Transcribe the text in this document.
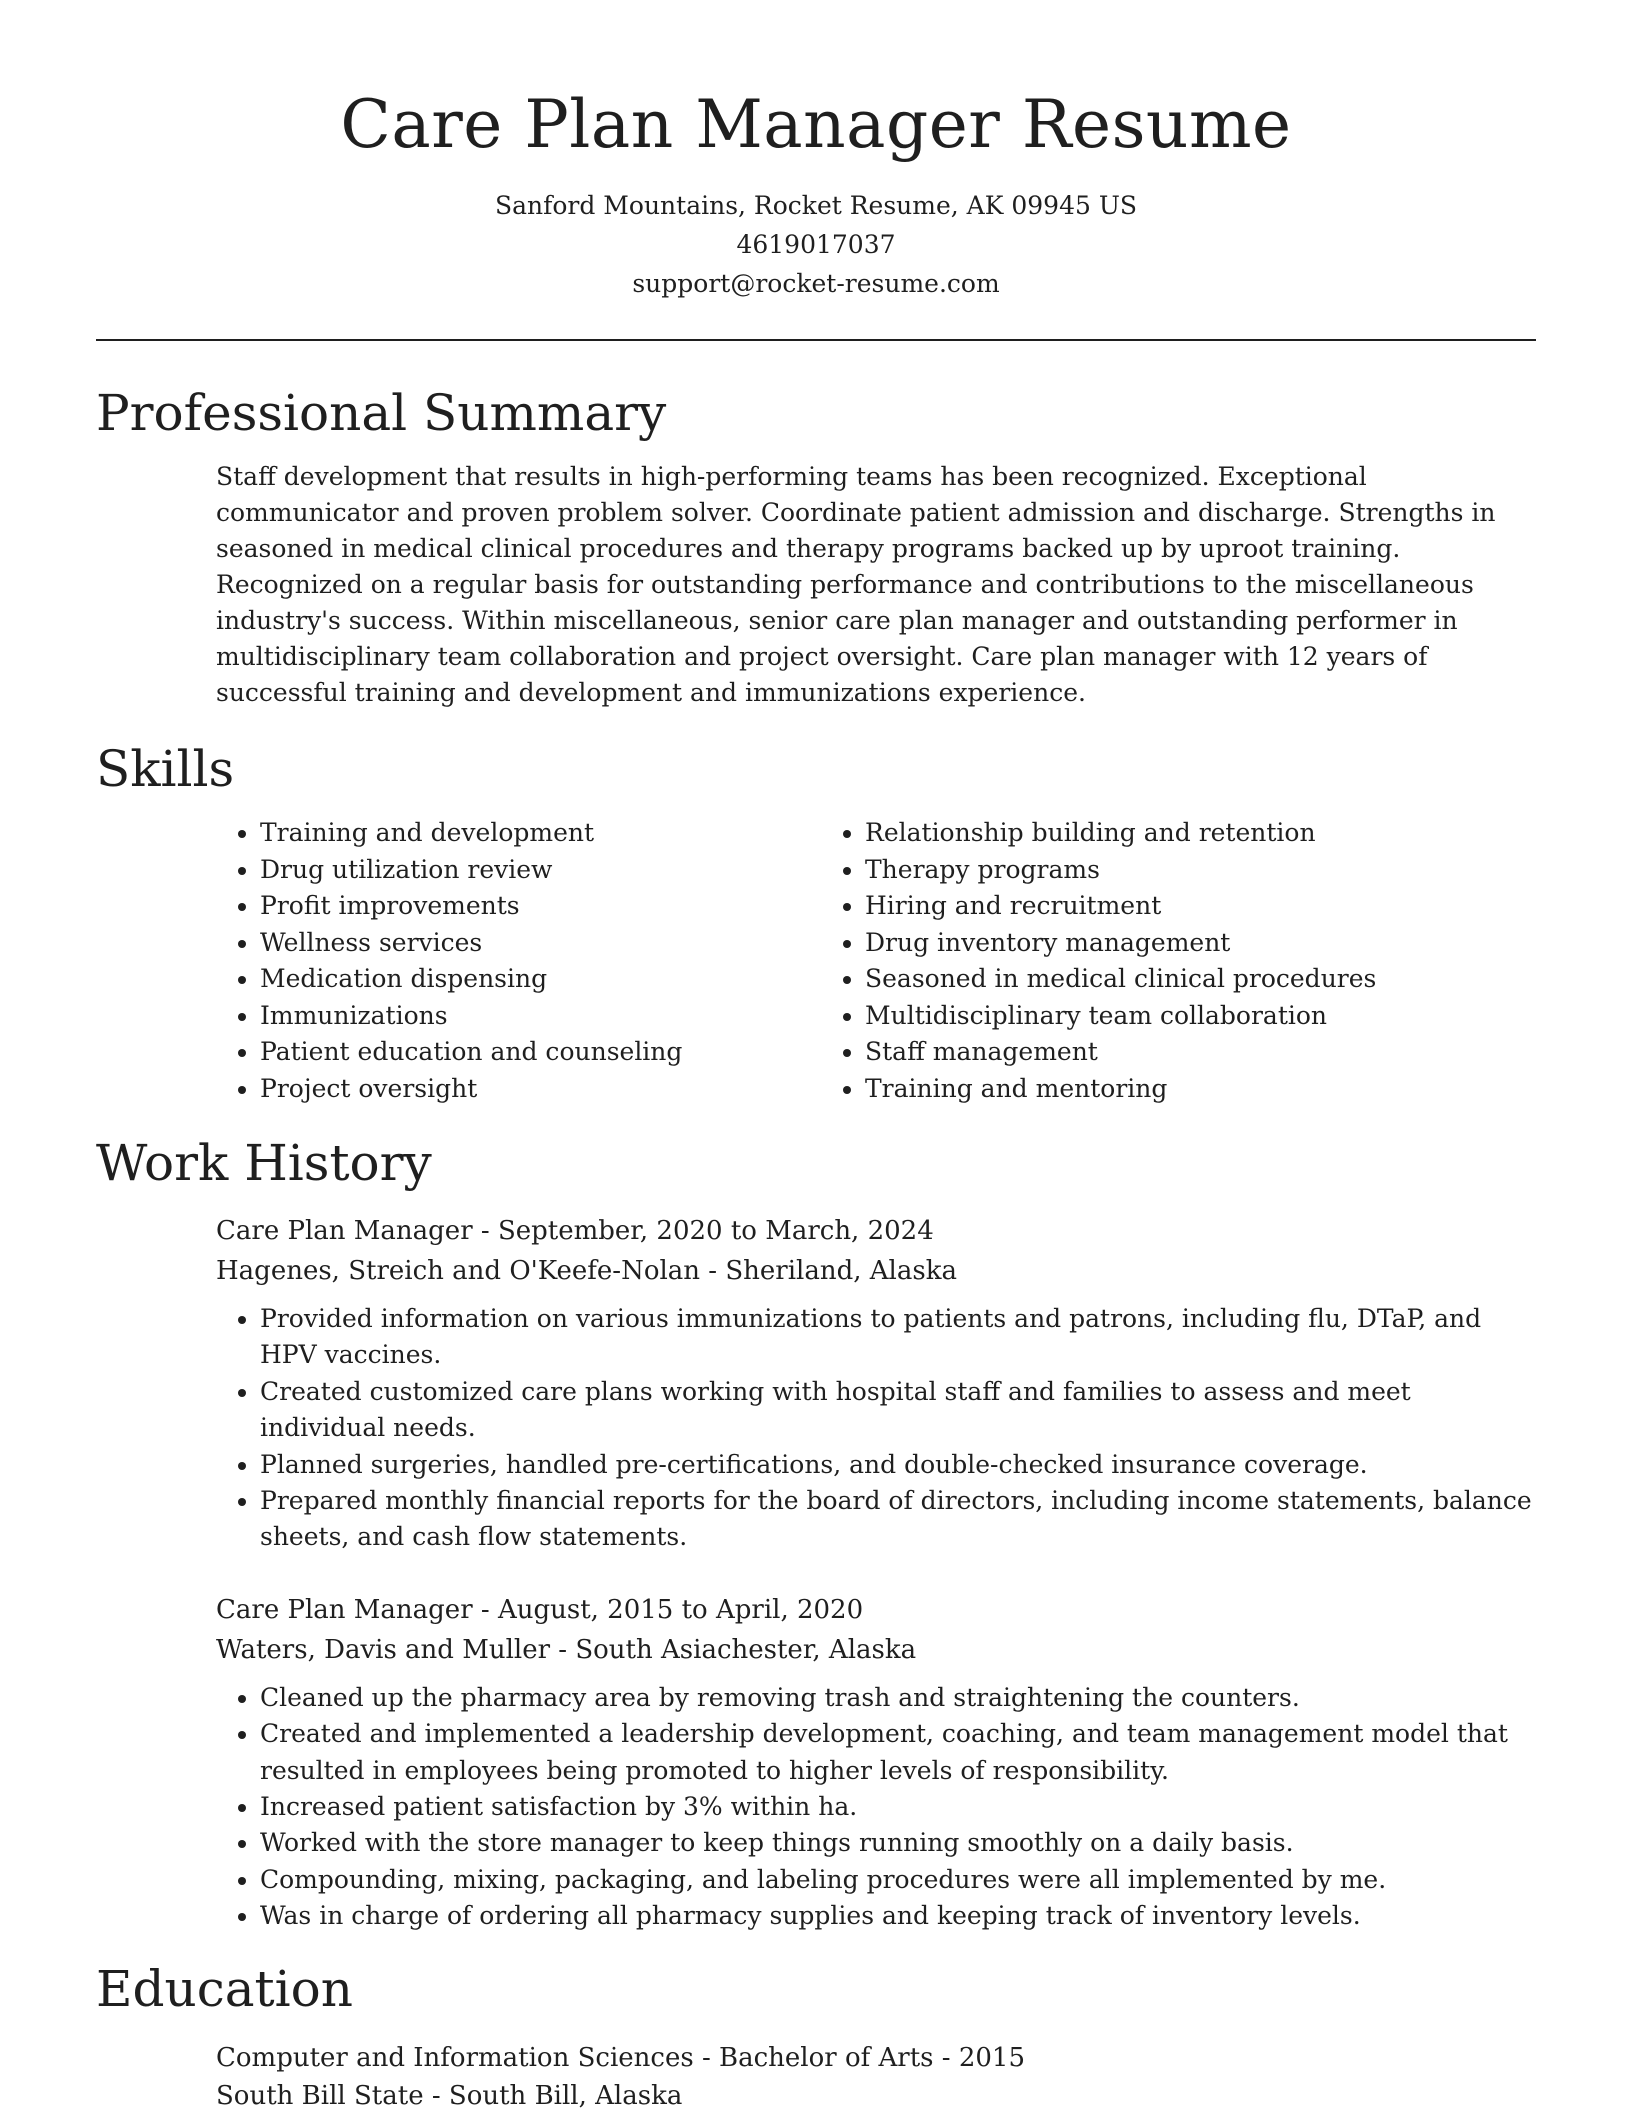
Care Plan Manager Resume
Sanford Mountains, Rocket Resume, AK 09945 US
4619017037
support@rocket-resume.com
Professional Summary

Staff development that results in high-performing teams has been recognized. Exceptional communicator and proven problem solver. Coordinate patient admission and discharge. Strengths in seasoned in medical clinical procedures and therapy programs backed up by uproot training. Recognized on a regular basis for outstanding performance and contributions to the miscellaneous industry's success. Within miscellaneous, senior care plan manager and outstanding performer in multidisciplinary team collaboration and project oversight. Care plan manager with 12 years of successful training and development and immunizations experience.

Skills
• Training and development
• Drug utilization review
• Profit improvements
• Wellness services
• Medication dispensing
• Immunizations
• Patient education and counseling
• Project oversight
• Relationship building and retention
• Therapy programs
• Hiring and recruitment
• Drug inventory management
• Seasoned in medical clinical procedures
• Multidisciplinary team collaboration
• Staff management
• Training and mentoring
Work History
Care Plan Manager - September, 2020 to March, 2024
Hagenes, Streich and O'Keefe-Nolan - Sheriland, Alaska
• Provided information on various immunizations to patients and patrons, including flu, DTaP, and HPV vaccines.
• Created customized care plans working with hospital staff and families to assess and meet individual needs.
• Planned surgeries, handled pre-certifications, and double-checked insurance coverage.
• Prepared monthly financial reports for the board of directors, including income statements, balance sheets, and cash flow statements.
Care Plan Manager - August, 2015 to April, 2020
Waters, Davis and Muller - South Asiachester, Alaska
• Cleaned up the pharmacy area by removing trash and straightening the counters.
• Created and implemented a leadership development, coaching, and team management model that resulted in employees being promoted to higher levels of responsibility.
• Increased patient satisfaction by 3% within ha.
• Worked with the store manager to keep things running smoothly on a daily basis.
• Compounding, mixing, packaging, and labeling procedures were all implemented by me.
• Was in charge of ordering all pharmacy supplies and keeping track of inventory levels.
Education
Computer and Information Sciences - Bachelor of Arts - 2015
South Bill State - South Bill, Alaska
